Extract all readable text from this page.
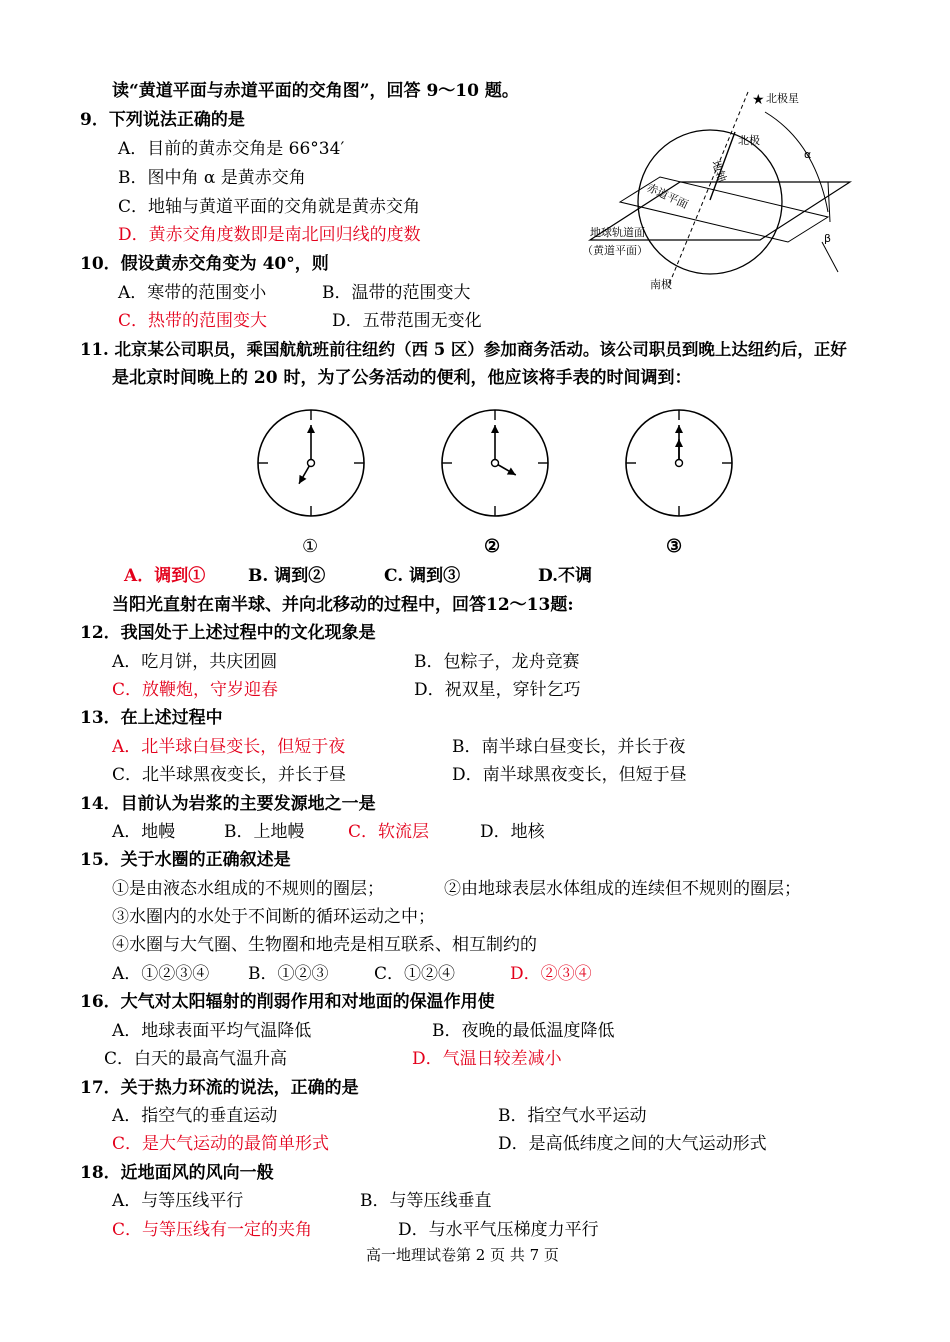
读“黄道平面与赤道平面的交角图”，回答 9～10 题。
9．下列说法正确的是
A．目前的黄赤交角是 66°34′
B．图中角 α 是黄赤交角
C．地轴与黄道平面的交角就是黄赤交角
D．黄赤交角度数即是南北回归线的度数
10．假设黄赤交角变为 40°，则
A．寒带的范围变小	B．温带的范围变大
C．热带的范围变大	D．五带范围无变化
★ 北极星
α
β
北极
地轴
赤道平面
地球轨道面
（黄道平面）
南极
11. 北京某公司职员，乘国航航班前往纽约（西 5 区）参加商务活动。该公司职员到晚上达纽约后，正好
是北京时间晚上的 20 时，为了公务活动的便利，他应该将手表的时间调到：
①	②	③
A．调到①	B. 调到②	C. 调到③	D.不调
当阳光直射在南半球、并向北移动的过程中，回答12～13题:
12．我国处于上述过程中的文化现象是
A．吃月饼，共庆团圆	B．包粽子，龙舟竞赛
C．放鞭炮，守岁迎春	D．祝双星，穿针乞巧
13．在上述过程中
A．北半球白昼变长，但短于夜	B．南半球白昼变长，并长于夜
C．北半球黑夜变长，并长于昼	D．南半球黑夜变长，但短于昼
14．目前认为岩浆的主要发源地之一是
A．地幔	B．上地幔	C．软流层	D．地核
15．关于水圈的正确叙述是
①是由液态水组成的不规则的圈层；	②由地球表层水体组成的连续但不规则的圈层；
③水圈内的水处于不间断的循环运动之中；
④水圈与大气圈、生物圈和地壳是相互联系、相互制约的
A．①②③④ B．①②③	C．①②④	D．②③④
16．大气对太阳辐射的削弱作用和对地面的保温作用使
A．地球表面平均气温降低	B．夜晚的最低温度降低
C．白天的最高气温升高	D．气温日较差减小
17．关于热力环流的说法，正确的是
A．指空气的垂直运动	B．指空气水平运动
C．是大气运动的最简单形式	D．是高低纬度之间的大气运动形式
18．近地面风的风向一般
A．与等压线平行	B．与等压线垂直
C．与等压线有一定的夹角	D．与水平气压梯度力平行
高一地理试卷第 2 页 共 7 页
